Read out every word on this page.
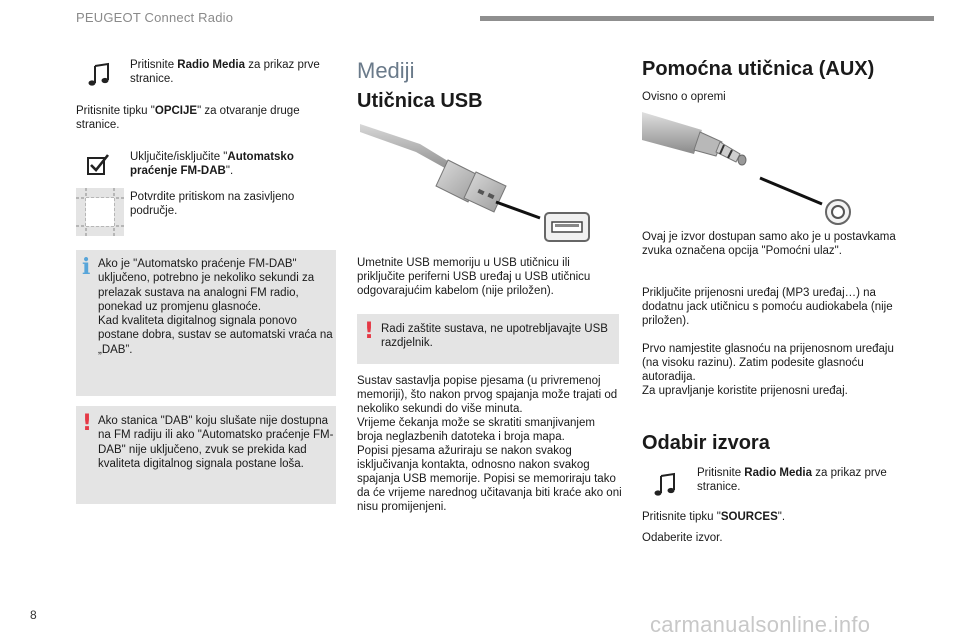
PEUGEOT Connect Radio

Pritisnite Radio Media za prikaz prve stranice.

Pritisnite tipku "OPCIJE" za otvaranje druge stranice.

Uključite/isključite "Automatsko praćenje FM-DAB".

Potvrdite pritiskom na zasivljeno područje.
i Ako je "Automatsko praćenje FM-DAB" uključeno, potrebno je nekoliko sekundi za prelazak sustava na analogni FM radio, ponekad uz promjenu glasnoće.
Kad kvaliteta digitalnog signala ponovo postane dobra, sustav se automatski vraća na „DAB”.
! Ako stanica "DAB" koju slušate nije dostupna na FM radiju ili ako "Automatsko praćenje FM-DAB" nije uključeno, zvuk se prekida kad kvaliteta digitalnog signala postane loša.
Mediji
Utičnica USB
Umetnite USB memoriju u USB utičnicu ili priključite periferni USB uređaj u USB utičnicu odgovarajućim kabelom (nije priložen).
! Radi zaštite sustava, ne upotrebljavajte USB razdjelnik.
Sustav sastavlja popise pjesama (u privremenoj memoriji), što nakon prvog spajanja može trajati od nekoliko sekundi do više minuta.
Vrijeme čekanja može se skratiti smanjivanjem broja neglazbenih datoteka i broja mapa.
Popisi pjesama ažuriraju se nakon svakog isključivanja kontakta, odnosno nakon svakog spajanja USB memorije. Popisi se memoriraju tako da će vrijeme narednog učitavanja biti kraće ako oni nisu promijenjeni.
Pomoćna utičnica (AUX)
Ovisno o opremi
Ovaj je izvor dostupan samo ako je u postavkama zvuka označena opcija "Pomoćni ulaz".
Priključite prijenosni uređaj (MP3 uređaj…) na dodatnu jack utičnicu s pomoću audiokabela (nije priložen).
Prvo namjestite glasnoću na prijenosnom uređaju (na visoku razinu). Zatim podesite glasnoću autoradija.
Za upravljanje koristite prijenosni uređaj.
Odabir izvora

Pritisnite Radio Media za prikaz prve stranice.

Pritisnite tipku "SOURCES".

Odaberite izvor.
8	carmanualsonline.info
